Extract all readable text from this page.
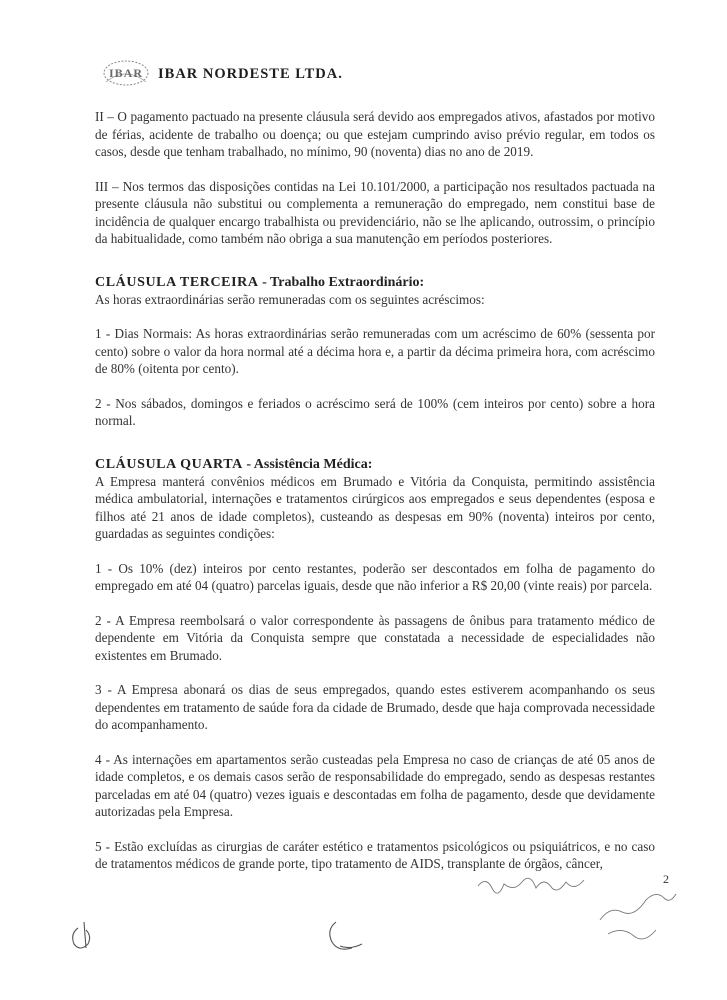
IBAR IBAR NORDESTE LTDA.

II – O pagamento pactuado na presente cláusula será devido aos empregados ativos, afastados por motivo de férias, acidente de trabalho ou doença; ou que estejam cumprindo aviso prévio regular, em todos os casos, desde que tenham trabalhado, no mínimo, 90 (noventa) dias no ano de 2019.

III – Nos termos das disposições contidas na Lei 10.101/2000, a participação nos resultados pactuada na presente cláusula não substitui ou complementa a remuneração do empregado, nem constitui base de incidência de qualquer encargo trabalhista ou previdenciário, não se lhe aplicando, outrossim, o princípio da habitualidade, como também não obriga a sua manutenção em períodos posteriores.

CLÁUSULA TERCEIRA - Trabalho Extraordinário:

As horas extraordinárias serão remuneradas com os seguintes acréscimos:

1 - Dias Normais: As horas extraordinárias serão remuneradas com um acréscimo de 60% (sessenta por cento) sobre o valor da hora normal até a décima hora e, a partir da décima primeira hora, com acréscimo de 80% (oitenta por cento).

2 - Nos sábados, domingos e feriados o acréscimo será de 100% (cem inteiros por cento) sobre a hora normal.

CLÁUSULA QUARTA - Assistência Médica:

A Empresa manterá convênios médicos em Brumado e Vitória da Conquista, permitindo assistência médica ambulatorial, internações e tratamentos cirúrgicos aos empregados e seus dependentes (esposa e filhos até 21 anos de idade completos), custeando as despesas em 90% (noventa) inteiros por cento, guardadas as seguintes condições:

1 - Os 10% (dez) inteiros por cento restantes, poderão ser descontados em folha de pagamento do empregado em até 04 (quatro) parcelas iguais, desde que não inferior a R$ 20,00 (vinte reais) por parcela.

2 - A Empresa reembolsará o valor correspondente às passagens de ônibus para tratamento médico de dependente em Vitória da Conquista sempre que constatada a necessidade de especialidades não existentes em Brumado.

3 - A Empresa abonará os dias de seus empregados, quando estes estiverem acompanhando os seus dependentes em tratamento de saúde fora da cidade de Brumado, desde que haja comprovada necessidade do acompanhamento.

4 - As internações em apartamentos serão custeadas pela Empresa no caso de crianças de até 05 anos de idade completos, e os demais casos serão de responsabilidade do empregado, sendo as despesas restantes parceladas em até 04 (quatro) vezes iguais e descontadas em folha de pagamento, desde que devidamente autorizadas pela Empresa.

5 - Estão excluídas as cirurgias de caráter estético e tratamentos psicológicos ou psiquiátricos, e no caso de tratamentos médicos de grande porte, tipo tratamento de AIDS, transplante de órgãos, câncer,

2
